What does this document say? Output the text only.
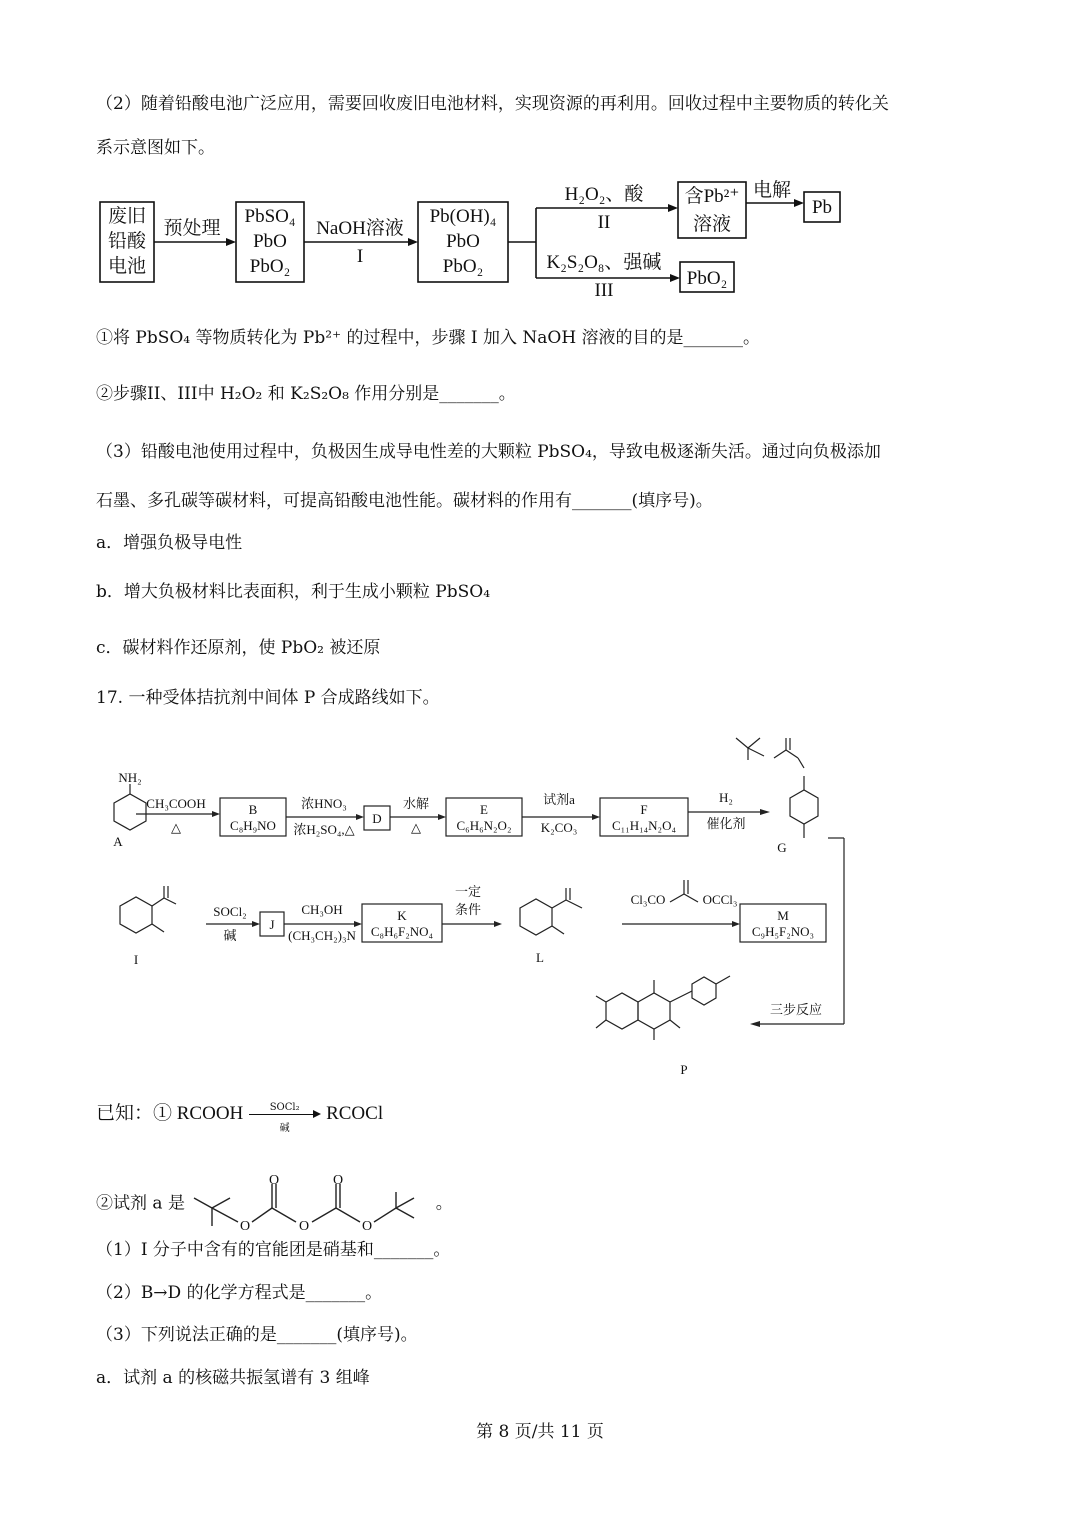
（2）随着铅酸电池广泛应用，需要回收废旧电池材料，实现资源的再利用。回收过程中主要物质的转化关
系示意图如下。
废旧
铅酸
电池
预处理
PbSO₄
PbO
PbO₂
NaOH溶液
I
Pb(OH)₄
PbO
PbO₂
H₂O₂、酸
II
含Pb²⁺
溶液
电解
Pb
K₂S₂O₈、强碱
III
PbO₂
①将 PbSO₄ 等物质转化为 Pb²⁺ 的过程中，步骤 I 加入 NaOH 溶液的目的是_______。
②步骤II、III中 H₂O₂ 和 K₂S₂O₈ 作用分别是_______。
（3）铅酸电池使用过程中，负极因生成导电性差的大颗粒 PbSO₄，导致电极逐渐失活。通过向负极添加
石墨、多孔碳等碳材料，可提高铅酸电池性能。碳材料的作用有_______(填序号)。
a．增强负极导电性
b．增大负极材料比表面积，利于生成小颗粒 PbSO₄
c．碳材料作还原剂，使 PbO₂ 被还原
17. 一种受体拮抗剂中间体 P 合成路线如下。
NH₂
A
CH₃COOH
△
B
C₈H₉NO
浓HNO₃
浓H₂SO₄,△
D
水解
△
E
C₆H₆N₂O₂
试剂a
K₂CO₃
F
C₁₁H₁₄N₂O₄
H₂
催化剂
G
I
SOCl₂
碱
J
CH₃OH
(CH₃CH₂)₃N
K
C₈H₆F₂NO₄
一定
条件
L
Cl₃CO	OCCl₃
M
C₉H₅F₂NO₃
三步反应
P
已知：① RCOOH	SOCl₂
碱
RCOCl
②试剂 a 是
O
O
O
O
O
。
（1）I 分子中含有的官能团是硝基和_______。
（2）B→D 的化学方程式是_______。
（3）下列说法正确的是_______(填序号)。
a．试剂 a 的核磁共振氢谱有 3 组峰
第 8 页/共 11 页
